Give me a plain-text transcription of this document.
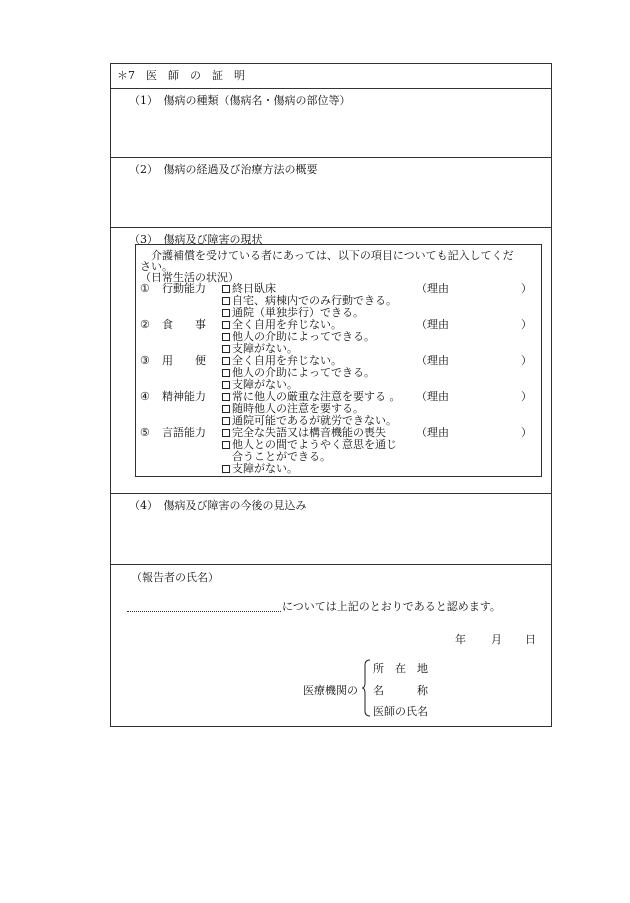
＊7　医　師　の　証　明
（1）　傷病の種類（傷病名・傷病の部位等）
（2）　傷病の経過及び治療方法の概要
（3）　傷病及び障害の現状
　介護補償を受けている者にあっては、以下の項目についても記入してくだ
さい。
（日常生活の状況）
① 行動能力	終日臥床
自宅、病棟内でのみ行動できる。
通院（単独歩行）できる。
（理由	）
② 食　　事	全く自用を弁じない。
他人の介助によってできる。
支障がない。
（理由	）
③ 用　　便	全く自用を弁じない。
他人の介助によってできる。
支障がない。
（理由	）
④ 精神能力	常に他人の厳重な注意を要する 。
随時他人の注意を要する。
通院可能であるが就労できない。
（理由	）
⑤ 言語能力	完全な失語又は構音機能の喪失
他人との間でようやく意思を通じ
合うことができる。
支障がない。
（理由	）
（4）　傷病及び障害の今後の見込み
（報告者の氏名）
については上記のとおりであると認めます。
年 月 日
医療機関の
所　在　地
名　　　称
医師の氏名
